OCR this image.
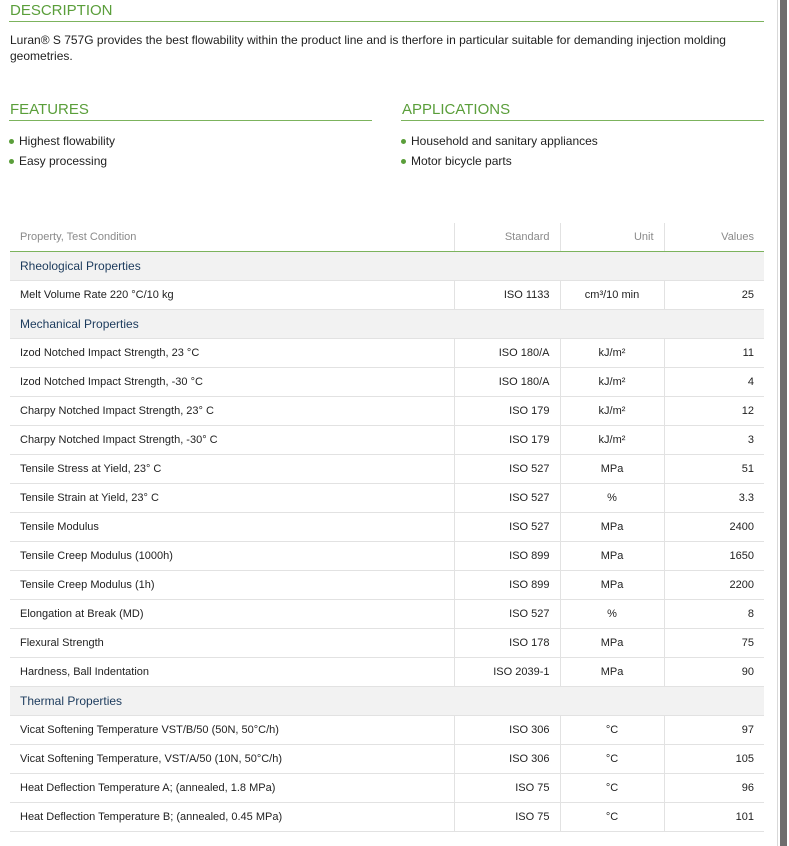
DESCRIPTION
Luran® S 757G provides the best flowability within the product line and is therfore in particular suitable for demanding injection molding geometries.
FEATURES
Highest flowability
Easy processing
APPLICATIONS
Household and sanitary appliances
Motor bicycle parts
Property, Test Condition	Standard	Unit	Values
Rheological Properties			
Melt Volume Rate 220 °C/10 kg	ISO 1133	cm³/10 min	25
Mechanical Properties			
Izod Notched Impact Strength, 23 °C	ISO 180/A	kJ/m²	11
Izod Notched Impact Strength, -30 °C	ISO 180/A	kJ/m²	4
Charpy Notched Impact Strength, 23° C	ISO 179	kJ/m²	12
Charpy Notched Impact Strength, -30° C	ISO 179	kJ/m²	3
Tensile Stress at Yield, 23° C	ISO 527	MPa	51
Tensile Strain at Yield, 23° C	ISO 527	%	3.3
Tensile Modulus	ISO 527	MPa	2400
Tensile Creep Modulus (1000h)	ISO 899	MPa	1650
Tensile Creep Modulus (1h)	ISO 899	MPa	2200
Elongation at Break (MD)	ISO 527	%	8
Flexural Strength	ISO 178	MPa	75
Hardness, Ball Indentation	ISO 2039-1	MPa	90
Thermal Properties			
Vicat Softening Temperature VST/B/50 (50N, 50°C/h)	ISO 306	°C	97
Vicat Softening Temperature, VST/A/50 (10N, 50°C/h)	ISO 306	°C	105
Heat Deflection Temperature A; (annealed, 1.8 MPa)	ISO 75	°C	96
Heat Deflection Temperature B; (annealed, 0.45 MPa)	ISO 75	°C	101
